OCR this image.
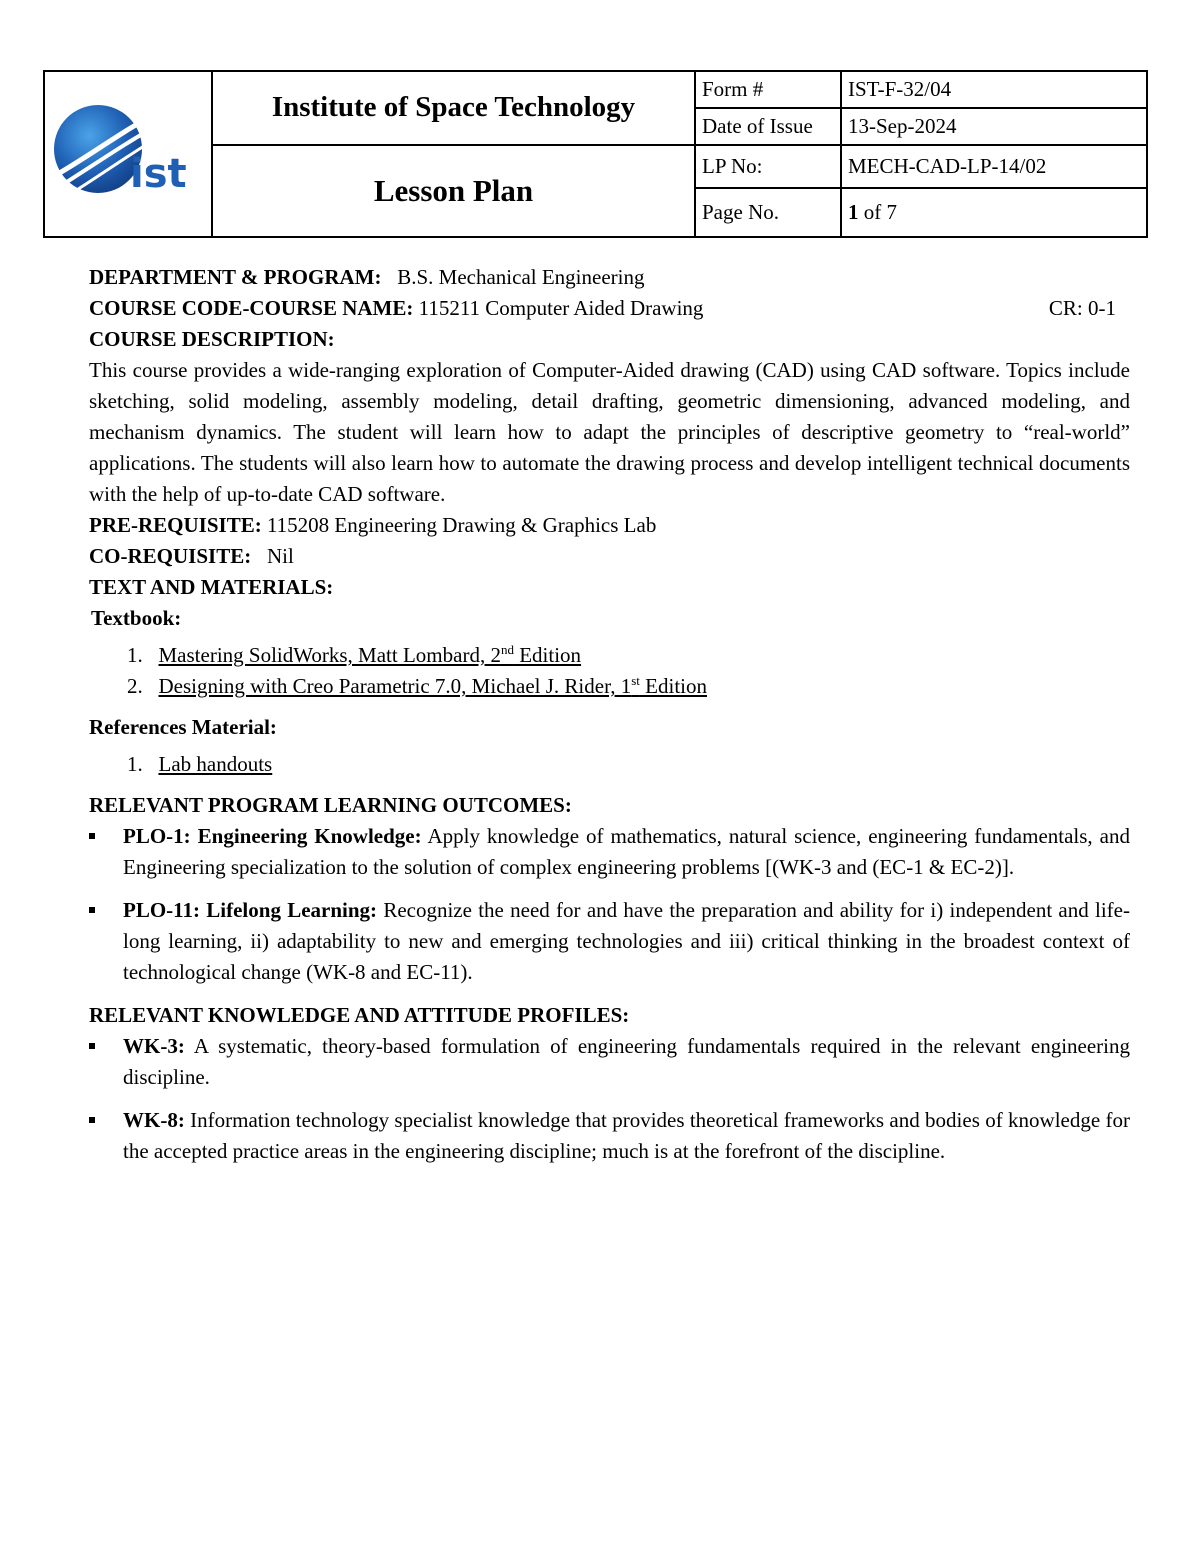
ist	Institute of Space Technology	Form #	IST-F-32/04
		Date of Issue	13-Sep-2024
	Lesson Plan	LP No:	MECH-CAD-LP-14/02
		Page No.	1 of 7

DEPARTMENT & PROGRAM: B.S. Mechanical Engineering

COURSE CODE-COURSE NAME: 115211 Computer Aided Drawing	CR: 0-1

COURSE DESCRIPTION:

This course provides a wide-ranging exploration of Computer-Aided drawing (CAD) using CAD software. Topics include sketching, solid modeling, assembly modeling, detail drafting, geometric dimensioning, advanced modeling, and mechanism dynamics. The student will learn how to adapt the principles of descriptive geometry to “real-world” applications. The students will also learn how to automate the drawing process and develop intelligent technical documents with the help of up-to-date CAD software.

PRE-REQUISITE: 115208 Engineering Drawing & Graphics Lab

CO-REQUISITE: Nil

TEXT AND MATERIALS:

Textbook:

1. Mastering SolidWorks, Matt Lombard, 2nd Edition
2. Designing with Creo Parametric 7.0, Michael J. Rider, 1st Edition

References Material:

1. Lab handouts

RELEVANT PROGRAM LEARNING OUTCOMES:

PLO-1: Engineering Knowledge: Apply knowledge of mathematics, natural science, engineering fundamentals, and Engineering specialization to the solution of complex engineering problems [(WK-3 and (EC-1 & EC-2)].
PLO-11: Lifelong Learning: Recognize the need for and have the preparation and ability for i) independent and life-long learning, ii) adaptability to new and emerging technologies and iii) critical thinking in the broadest context of technological change (WK-8 and EC-11).

RELEVANT KNOWLEDGE AND ATTITUDE PROFILES:

WK-3: A systematic, theory-based formulation of engineering fundamentals required in the relevant engineering discipline.
WK-8: Information technology specialist knowledge that provides theoretical frameworks and bodies of knowledge for the accepted practice areas in the engineering discipline; much is at the forefront of the discipline.
